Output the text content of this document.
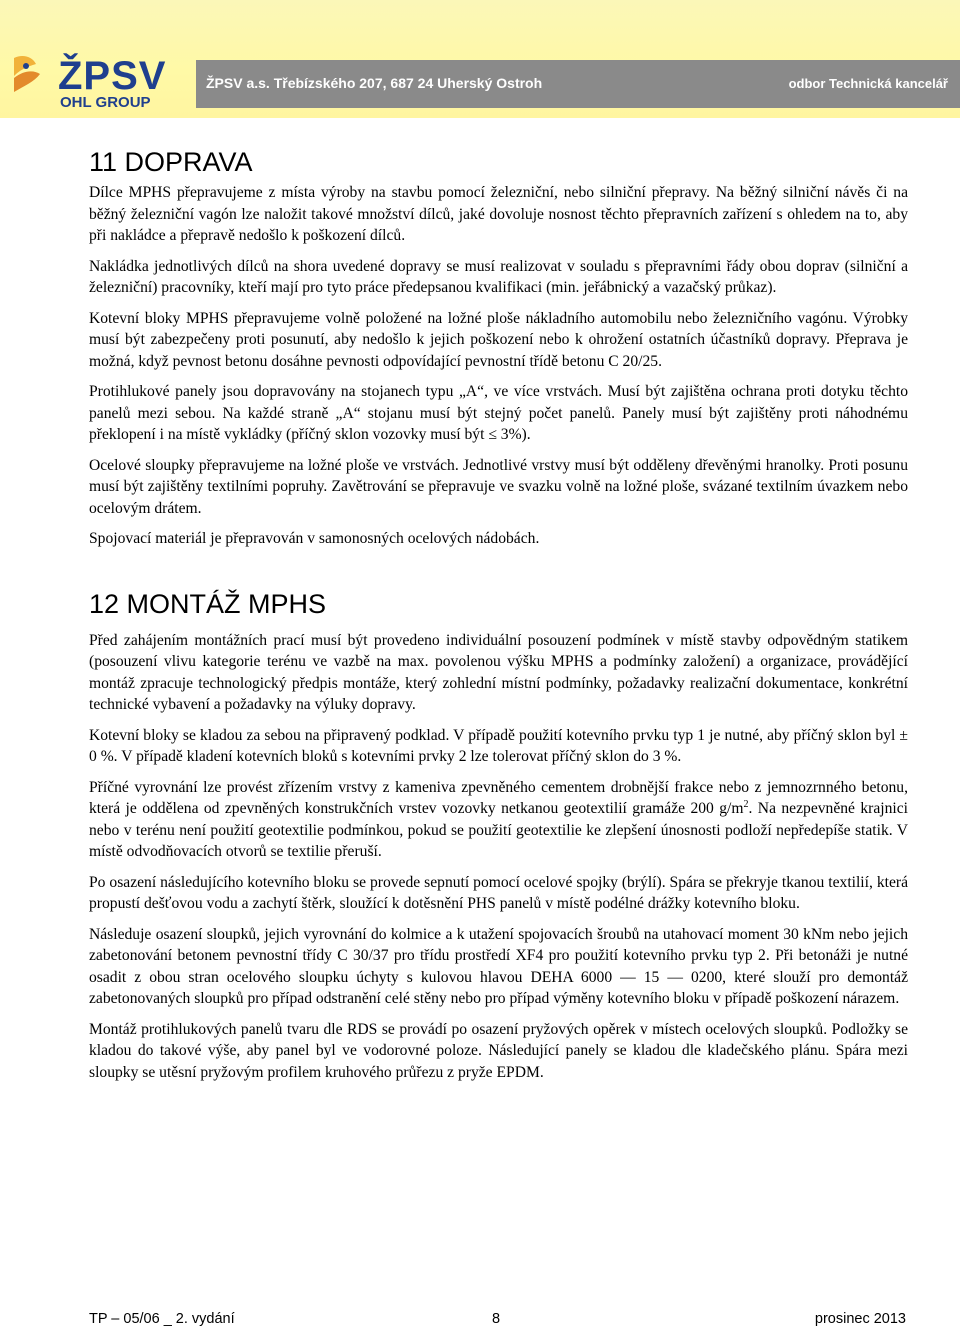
ŽPSV
OHL GROUP
ŽPSV a.s. Třebízského 207, 687 24 Uherský Ostroh	odbor Technická kancelář
11 DOPRAVA

Dílce MPHS přepravujeme z místa výroby na stavbu pomocí železniční, nebo silniční přepravy. Na běžný silniční návěs či na běžný železniční vagón lze naložit takové množství dílců, jaké dovoluje nosnost těchto přepravních zařízení s ohledem na to, aby při nakládce a přepravě nedošlo k poškození dílců.

Nakládka jednotlivých dílců na shora uvedené dopravy se musí realizovat v souladu s přepravními řády obou doprav (silniční a železniční) pracovníky, kteří mají pro tyto práce předepsanou kvalifikaci (min. jeřábnický a vazačský průkaz).

Kotevní bloky MPHS přepravujeme volně položené na ložné ploše nákladního automobilu nebo železničního vagónu. Výrobky musí být zabezpečeny proti posunutí, aby nedošlo k jejich poškození nebo k ohrožení ostatních účastníků dopravy. Přeprava je možná, když pevnost betonu dosáhne pevnosti odpovídající pevnostní třídě betonu C 20/25.

Protihlukové panely jsou dopravovány na stojanech typu „A“, ve více vrstvách. Musí být zajištěna ochrana proti dotyku těchto panelů mezi sebou. Na každé straně „A“ stojanu musí být stejný počet panelů. Panely musí být zajištěny proti náhodnému překlopení i na místě vykládky (příčný sklon vozovky musí být ≤ 3%).

Ocelové sloupky přepravujeme na ložné ploše ve vrstvách. Jednotlivé vrstvy musí být odděleny dřevěnými hranolky. Proti posunu musí být zajištěny textilními popruhy. Zavětrování se přepravuje ve svazku volně na ložné ploše, svázané textilním úvazkem nebo ocelovým drátem.

Spojovací materiál je přepravován v samonosných ocelových nádobách.

12 MONTÁŽ MPHS

Před zahájením montážních prací musí být provedeno individuální posouzení podmínek v místě stavby odpovědným statikem (posouzení vlivu kategorie terénu ve vazbě na max. povolenou výšku MPHS a podmínky založení) a organizace, provádějící montáž zpracuje technologický předpis montáže, který zohlední místní podmínky, požadavky realizační dokumentace, konkrétní technické vybavení a požadavky na výluky dopravy.

Kotevní bloky se kladou za sebou na připravený podklad. V případě použití kotevního prvku typ 1 je nutné, aby příčný sklon byl ± 0 %. V případě kladení kotevních bloků s kotevními prvky 2 lze tolerovat příčný sklon do 3 %.

Příčné vyrovnání lze provést zřízením vrstvy z kameniva zpevněného cementem drobnější frakce nebo z jemnozrnného betonu, která je oddělena od zpevněných konstrukčních vrstev vozovky netkanou geotextilií gramáže 200 $g/m^2$. Na nezpevněné krajnici nebo v terénu není použití geotextilie podmínkou, pokud se použití geotextilie ke zlepšení únosnosti podloží nepředepíše statik. V místě odvodňovacích otvorů se textilie přeruší.

Po osazení následujícího kotevního bloku se provede sepnutí pomocí ocelové spojky (brýlí). Spára se překryje tkanou textilií, která propustí dešťovou vodu a zachytí štěrk, sloužící k dotěsnění PHS panelů v místě podélné drážky kotevního bloku.

Následuje osazení sloupků, jejich vyrovnání do kolmice a k utažení spojovacích šroubů na utahovací moment 30 kNm nebo jejich zabetonování betonem pevnostní třídy C 30/37 pro třídu prostředí XF4 pro použití kotevního prvku typ 2. Při betonáži je nutné osadit z obou stran ocelového sloupku úchyty s kulovou hlavou DEHA 6000 — 15 — 0200, které slouží pro demontáž zabetonovaných sloupků pro případ odstranění celé stěny nebo pro případ výměny kotevního bloku v případě poškození nárazem.

Montáž protihlukových panelů tvaru dle RDS se provádí po osazení pryžových opěrek v místech ocelových sloupků. Podložky se kladou do takové výše, aby panel byl ve vodorovné poloze. Následující panely se kladou dle kladečského plánu. Spára mezi sloupky se utěsní pryžovým profilem kruhového průřezu z pryže EPDM.

TP – 05/06 _ 2. vydání	8	prosinec 2013
